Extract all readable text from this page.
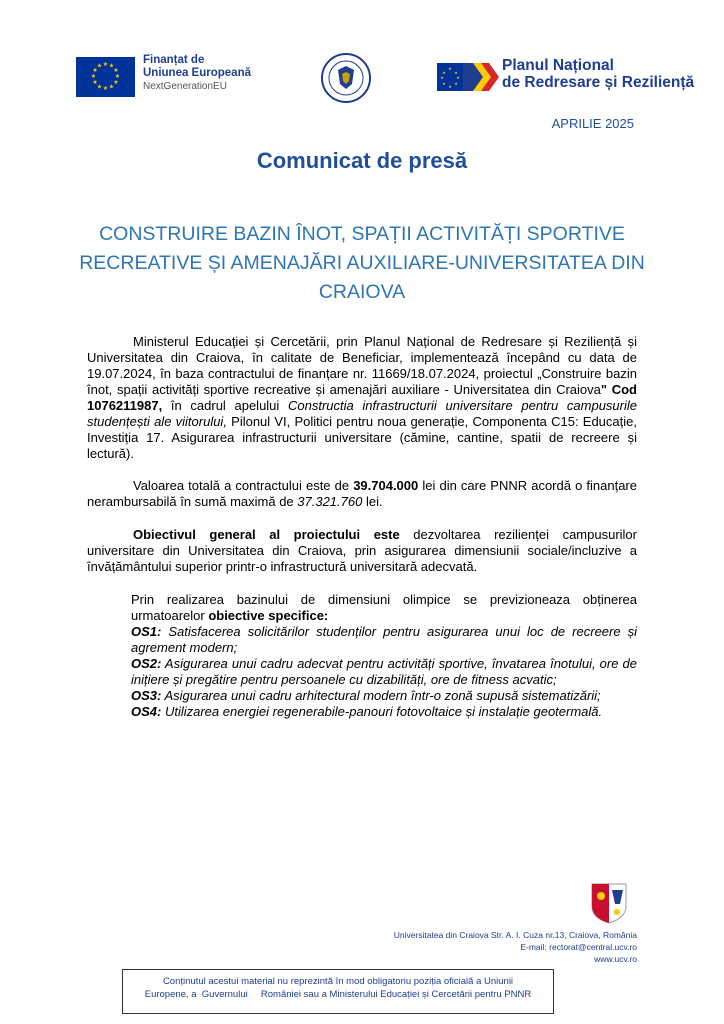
★ ★
★
★
★
★
★
★
★
★
★
★
Finanțat de
Uniunea Europeană
NextGenerationEU
★
★
★
★
★
★
★
★	Planul Național
de Redresare și Reziliență
APRILIE 2025
Comunicat de presă
CONSTRUIRE BAZIN ÎNOT, SPAȚII ACTIVITĂȚI SPORTIVE
RECREATIVE ȘI AMENAJĂRI AUXILIARE-UNIVERSITATEA DIN
CRAIOVA
Ministerul Educației și Cercetării, prin Planul Național de Redresare și Reziliență și Universitatea din Craiova, în calitate de Beneficiar, implementează începând cu data de 19.07.2024, în baza contractului de finanțare nr. 11669/18.07.2024, proiectul „Construire bazin înot, spații activități sportive recreative și amenajări auxiliare - Universitatea din Craiova" Cod 1076211987, în cadrul apelului Constructia infrastructurii universitare pentru campusurile studențești ale viitorului, Pilonul VI, Politici pentru noua generație, Componenta C15: Educație, Investiția 17. Asigurarea infrastructurii universitare (cămine, cantine, spatii de recreere și lectură).
Valoarea totală a contractului este de 39.704.000 lei din care PNNR acordă o finanțare nerambursabilă în sumă maximă de 37.321.760 lei.
Obiectivul general al proiectului este dezvoltarea rezilienței campusurilor universitare din Universitatea din Craiova, prin asigurarea dimensiunii sociale/incluzive a învățământului superior printr-o infrastructură universitară adecvată.
Prin realizarea bazinului de dimensiuni olimpice se previzioneaza obținerea urmatoarelor obiective specifice:
OS1: Satisfacerea solicitărilor studenților pentru asigurarea unui loc de recreere și agrement modern;
OS2: Asigurarea unui cadru adecvat pentru activități sportive, învatarea înotului, ore de inițiere și pregătire pentru persoanele cu dizabilități, ore de fitness acvatic;
OS3: Asigurarea unui cadru arhitectural modern într-o zonă supusă sistematizării;
OS4: Utilizarea energiei regenerabile-panouri fotovoltaice și instalație geotermală.
Universitatea din Craiova Str. A. I. Cuza nr.13, Craiova, România
E-mail: rectorat@central.ucv.ro
www.ucv.ro
Conținutul acestui material nu reprezintă în mod obligatoriu poziția oficială a Uniunii
Europene, a  Guvernului     României sau a Ministerului Educației și Cercetării pentru PNNR
